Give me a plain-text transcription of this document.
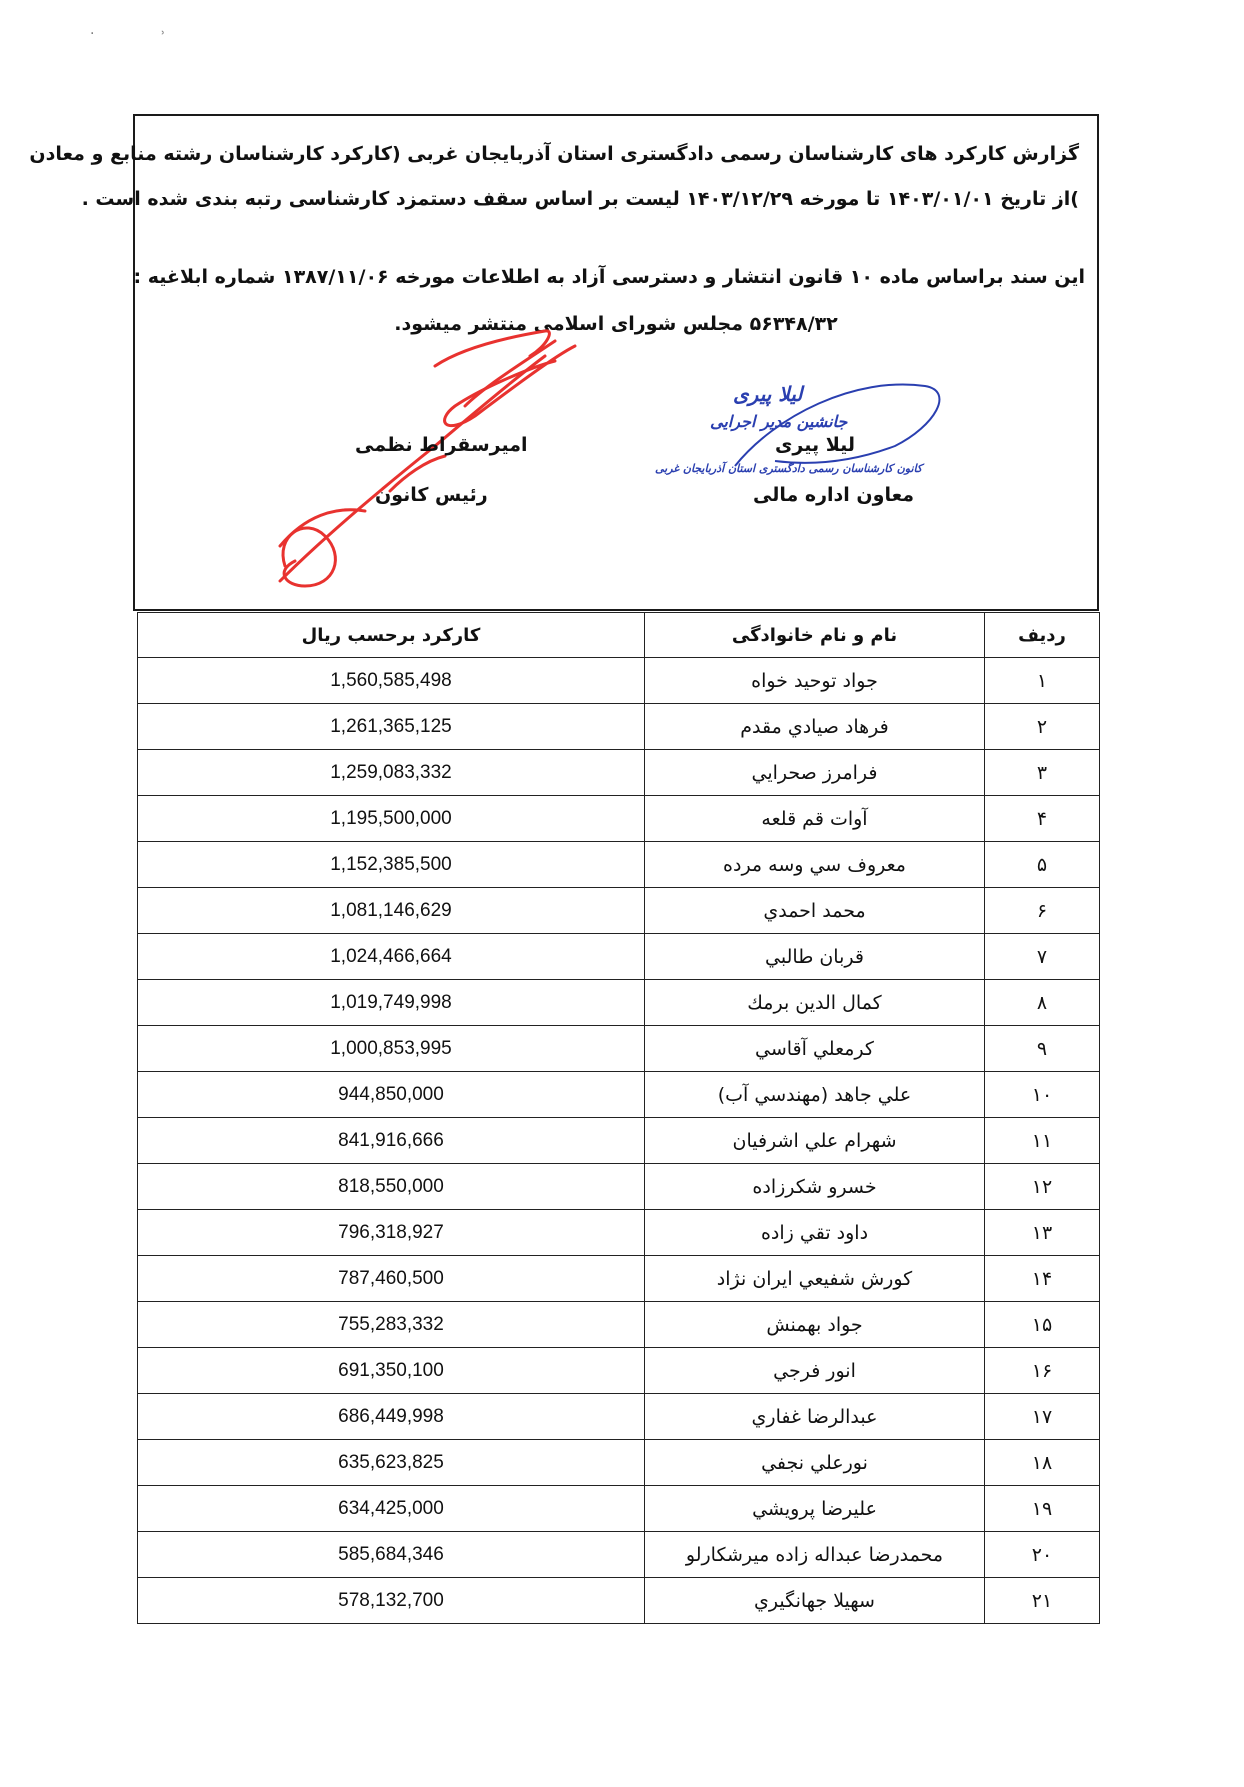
·	˒
گزارش کارکرد های کارشناسان رسمی دادگستری استان آذربایجان غربی (کارکرد کارشناسان رشته منابع و معادن
)از تاریخ ۱۴۰۳/۰۱/۰۱ تا مورخه ۱۴۰۳/۱۲/۲۹ لیست بر اساس سقف دستمزد کارشناسی رتبه بندی شده است .
این سند براساس ماده ۱۰ قانون انتشار و دسترسی آزاد به اطلاعات مورخه ۱۳۸۷/۱۱/۰۶ شماره ابلاغیه :
۵۶۳۴۸/۳۲ مجلس شورای اسلامی منتشر میشود.
لیلا پیری
جانشین مدیر اجرایی
کانون کارشناسان رسمی دادگستری استان آذربایجان غربی
لیلا پیری
معاون اداره مالی
امیرسقراط نظمی
رئیس کانون
ردیف	نام و نام خانوادگی	کارکرد برحسب ریال
۱	جواد توحید خواه	1,560,585,498
۲	فرهاد صيادي مقدم	1,261,365,125
۳	فرامرز صحرايي	1,259,083,332
۴	آوات قم قلعه	1,195,500,000
۵	معروف سي وسه مرده	1,152,385,500
۶	محمد احمدي	1,081,146,629
۷	قربان طالبي	1,024,466,664
۸	كمال الدين برمك	1,019,749,998
۹	كرمعلي آقاسي	1,000,853,995
۱۰	علي جاهد (مهندسي آب)	944,850,000
۱۱	شهرام علي اشرفيان	841,916,666
۱۲	خسرو شكرزاده	818,550,000
۱۳	داود تقي زاده	796,318,927
۱۴	كورش شفيعي ايران نژاد	787,460,500
۱۵	جواد بهمنش	755,283,332
۱۶	انور فرجي	691,350,100
۱۷	عبدالرضا غفاري	686,449,998
۱۸	نورعلي نجفي	635,623,825
۱۹	عليرضا پرويشي	634,425,000
۲۰	محمدرضا عبداله زاده ميرشكارلو	585,684,346
۲۱	سهيلا جهانگيري	578,132,700
